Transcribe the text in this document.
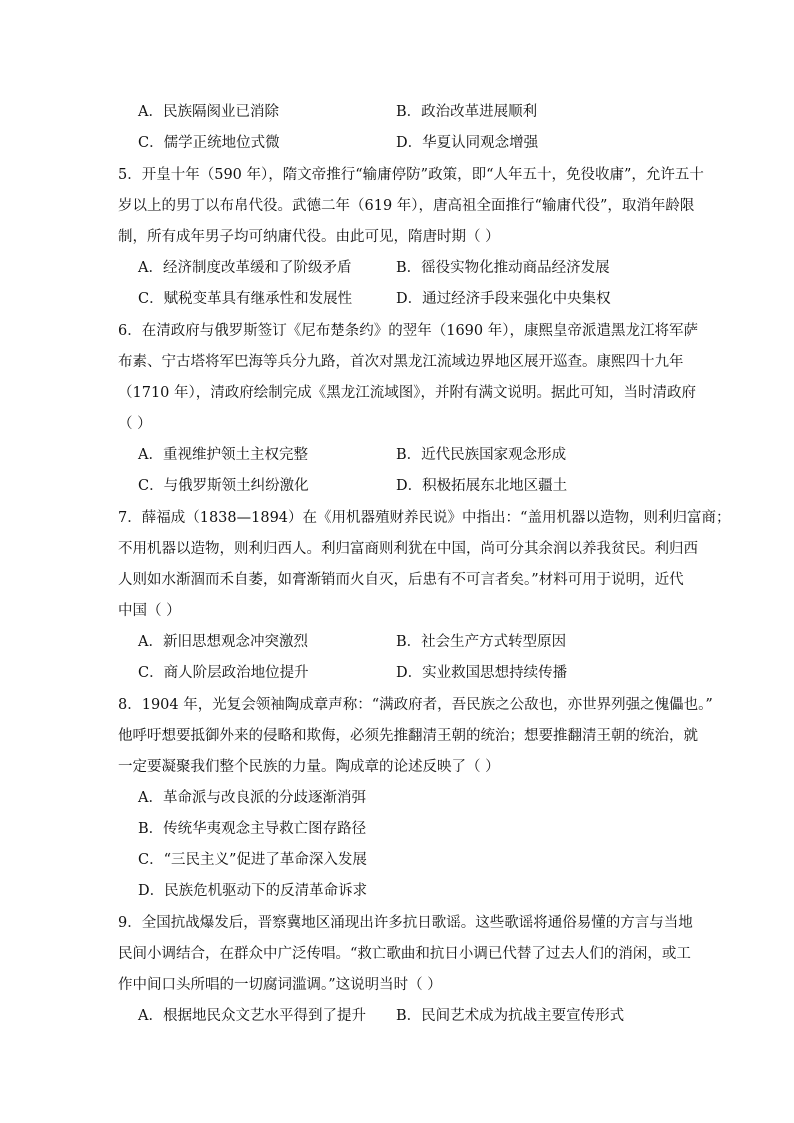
A．民族隔阂业已消除	B．政治改革进展顺利
C．儒学正统地位式微	D．华夏认同观念增强
5．开皇十年（590 年），隋文帝推行“输庸停防”政策，即“人年五十，免役收庸”，允许五十
岁以上的男丁以布帛代役。武德二年（619 年），唐高祖全面推行“输庸代役”，取消年龄限
制，所有成年男子均可纳庸代役。由此可见，隋唐时期（ ）
A．经济制度改革缓和了阶级矛盾	B．徭役实物化推动商品经济发展
C．赋税变革具有继承性和发展性	D．通过经济手段来强化中央集权
6．在清政府与俄罗斯签订《尼布楚条约》的翌年（1690 年），康熙皇帝派遣黑龙江将军萨
布素、宁古塔将军巴海等兵分九路，首次对黑龙江流域边界地区展开巡查。康熙四十九年
（1710 年），清政府绘制完成《黑龙江流域图》，并附有满文说明。据此可知，当时清政府
（ ）
A．重视维护领土主权完整	B．近代民族国家观念形成
C．与俄罗斯领土纠纷激化	D．积极拓展东北地区疆土
7．薛福成（1838—1894）在《用机器殖财养民说》中指出：“盖用机器以造物，则利归富商；
不用机器以造物，则利归西人。利归富商则利犹在中国，尚可分其余润以养我贫民。利归西
人则如水渐涸而禾自萎，如膏渐销而火自灭，后患有不可言者矣。”材料可用于说明，近代
中国（ ）
A．新旧思想观念冲突激烈	B．社会生产方式转型原因
C．商人阶层政治地位提升	D．实业救国思想持续传播
8．1904 年，光复会领袖陶成章声称：“满政府者，吾民族之公敌也，亦世界列强之傀儡也。”
他呼吁想要抵御外来的侵略和欺侮，必须先推翻清王朝的统治；想要推翻清王朝的统治，就
一定要凝聚我们整个民族的力量。陶成章的论述反映了（ ）
A．革命派与改良派的分歧逐渐消弭
B．传统华夷观念主导救亡图存路径
C．“三民主义”促进了革命深入发展
D．民族危机驱动下的反清革命诉求
9．全国抗战爆发后，晋察冀地区涌现出许多抗日歌谣。这些歌谣将通俗易懂的方言与当地
民间小调结合，在群众中广泛传唱。“救亡歌曲和抗日小调已代替了过去人们的消闲，或工
作中间口头所唱的一切腐词滥调。”这说明当时（ ）
A．根据地民众文艺水平得到了提升 B．民间艺术成为抗战主要宣传形式
